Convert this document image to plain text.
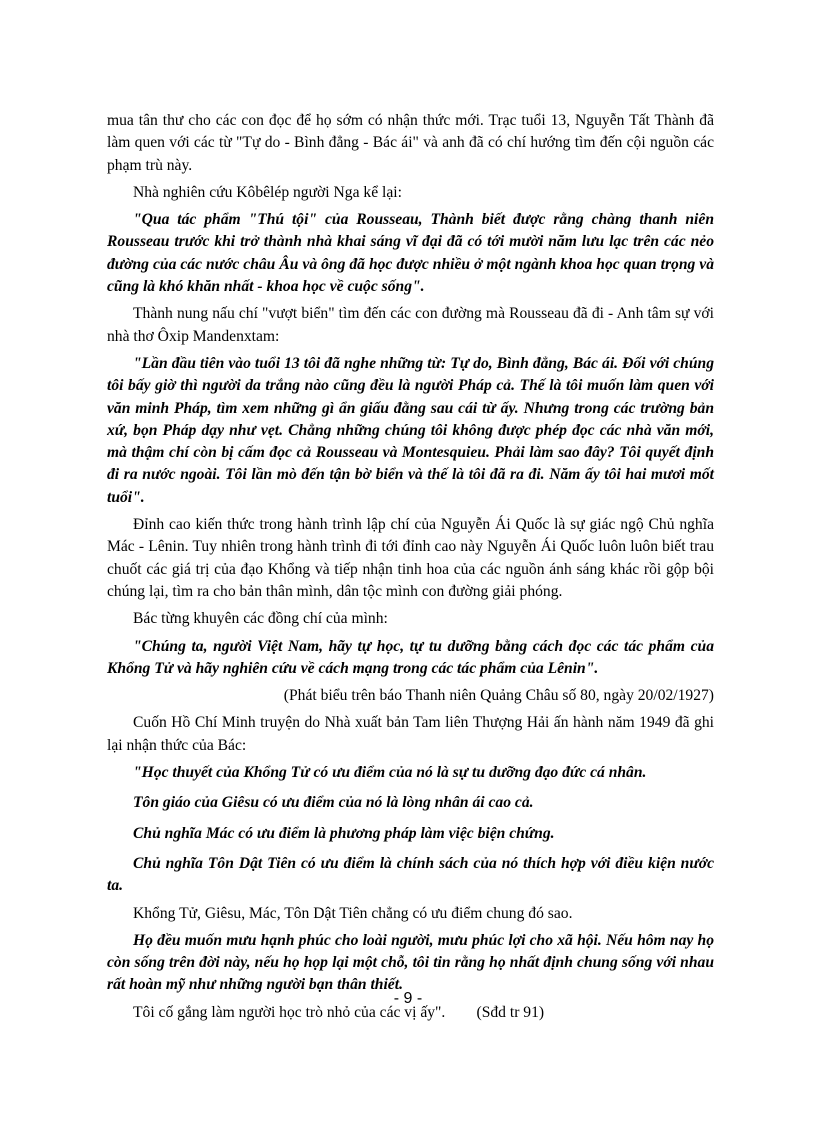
mua tân thư cho các con đọc để họ sớm có nhận thức mới. Trạc tuổi 13, Nguyễn Tất Thành đã làm quen với các từ "Tự do - Bình đẳng - Bác ái" và anh đã có chí hướng tìm đến cội nguồn các phạm trù này.

Nhà nghiên cứu Kôbêlép người Nga kể lại:

"Qua tác phẩm "Thú tội" của Rousseau, Thành biết được rằng chàng thanh niên Rousseau trước khi trở thành nhà khai sáng vĩ đại đã có tới mười năm lưu lạc trên các nẻo đường của các nước châu Âu và ông đã học được nhiều ở một ngành khoa học quan trọng và cũng là khó khăn nhất - khoa học về cuộc sống".

Thành nung nấu chí "vượt biển" tìm đến các con đường mà Rousseau đã đi - Anh tâm sự với nhà thơ Ôxip Mandenxtam:

"Lần đầu tiên vào tuổi 13 tôi đã nghe những từ: Tự do, Bình đẳng, Bác ái. Đối với chúng tôi bấy giờ thì người da trắng nào cũng đều là người Pháp cả. Thế là tôi muốn làm quen với văn minh Pháp, tìm xem những gì ẩn giấu đằng sau cái từ ấy. Nhưng trong các trường bản xứ, bọn Pháp dạy như vẹt. Chẳng những chúng tôi không được phép đọc các nhà văn mới, mà thậm chí còn bị cấm đọc cả Rousseau và Montesquieu. Phải làm sao đây? Tôi quyết định đi ra nước ngoài. Tôi lần mò đến tận bờ biển và thế là tôi đã ra đi. Năm ấy tôi hai mươi mốt tuổi".

Đỉnh cao kiến thức trong hành trình lập chí của Nguyễn Ái Quốc là sự giác ngộ Chủ nghĩa Mác - Lênin. Tuy nhiên trong hành trình đi tới đỉnh cao này Nguyễn Ái Quốc luôn luôn biết trau chuốt các giá trị của đạo Khổng và tiếp nhận tinh hoa của các nguồn ánh sáng khác rồi gộp bội chúng lại, tìm ra cho bản thân mình, dân tộc mình con đường giải phóng.

Bác từng khuyên các đồng chí của mình:

"Chúng ta, người Việt Nam, hãy tự học, tự tu dưỡng bằng cách đọc các tác phẩm của Khổng Tử và hãy nghiên cứu về cách mạng trong các tác phẩm của Lênin".

(Phát biểu trên báo Thanh niên Quảng Châu số 80, ngày 20/02/1927)

Cuốn Hồ Chí Minh truyện do Nhà xuất bản Tam liên Thượng Hải ấn hành năm 1949 đã ghi lại nhận thức của Bác:

"Học thuyết của Khổng Tử có ưu điểm của nó là sự tu dưỡng đạo đức cá nhân.

Tôn giáo của Giêsu có ưu điểm của nó là lòng nhân ái cao cả.

Chủ nghĩa Mác có ưu điểm là phương pháp làm việc biện chứng.

Chủ nghĩa Tôn Dật Tiên có ưu điểm là chính sách của nó thích hợp với điều kiện nước ta.

Khổng Tử, Giêsu, Mác, Tôn Dật Tiên chẳng có ưu điểm chung đó sao.

Họ đều muốn mưu hạnh phúc cho loài người, mưu phúc lợi cho xã hội. Nếu hôm nay họ còn sống trên đời này, nếu họ họp lại một chỗ, tôi tin rằng họ nhất định chung sống với nhau rất hoàn mỹ như những người bạn thân thiết.

Tôi cố gắng làm người học trò nhỏ của các vị ấy".        (Sđd tr 91)

- 9 -
